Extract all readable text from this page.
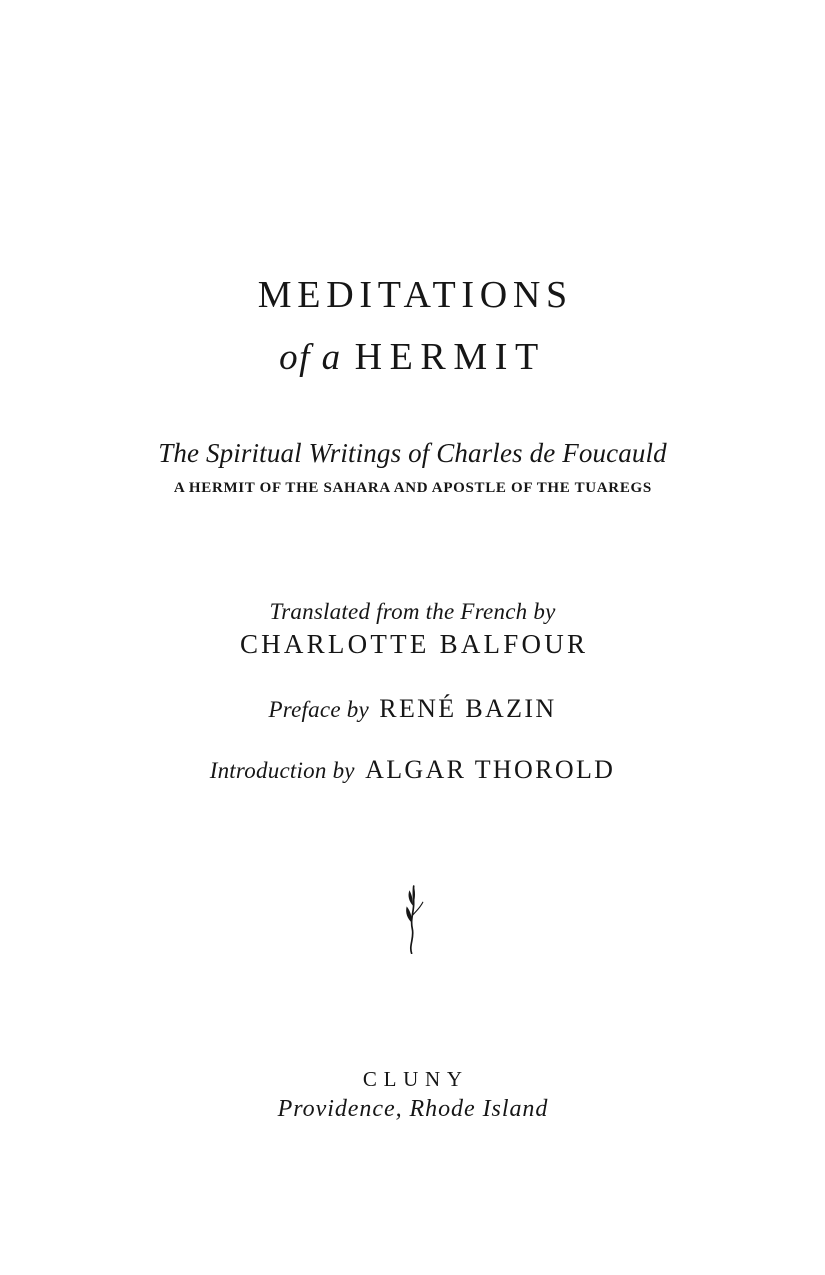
MEDITATIONS
of a HERMIT
The Spiritual Writings of Charles de Foucauld
A HERMIT OF THE SAHARA AND APOSTLE OF THE TUAREGS
Translated from the French by
CHARLOTTE BALFOUR
Preface by RENÉ BAZIN
Introduction by ALGAR THOROLD
CLUNY
Providence, Rhode Island
